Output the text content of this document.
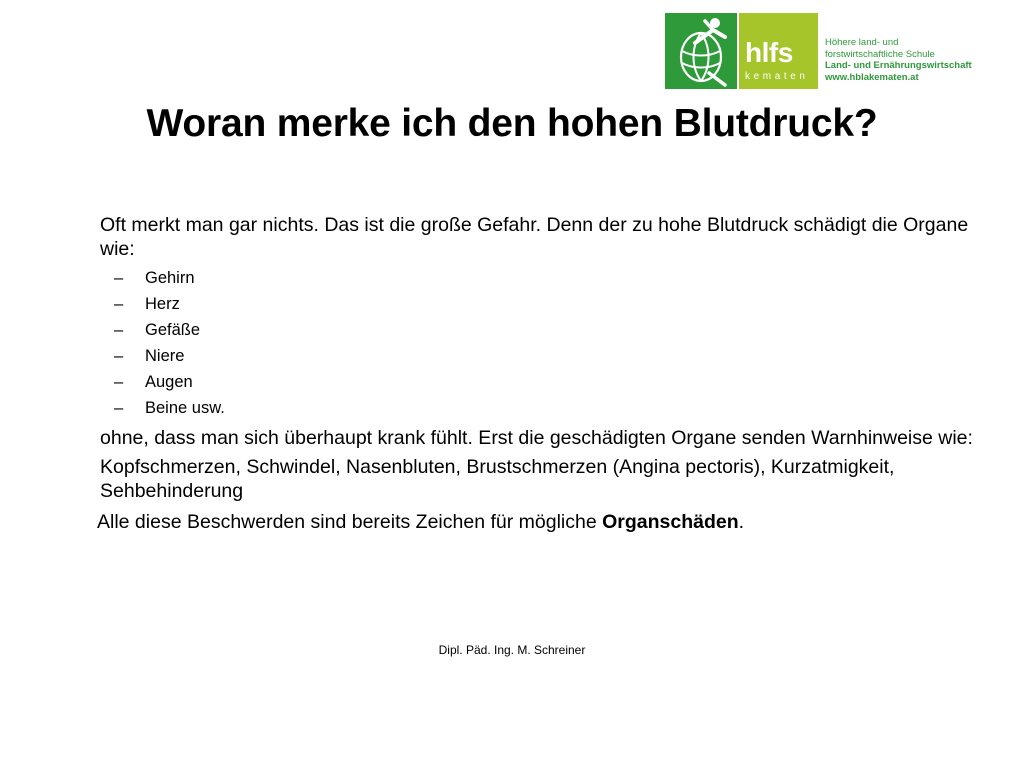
hlfs
kematen
Höhere land- und
forstwirtschaftliche Schule
Land- und Ernährungswirtschaft
www.hblakematen.at
Woran merke ich den hohen Blutdruck?

Oft merkt man gar nichts. Das ist die große Gefahr. Denn der zu hohe Blutdruck schädigt die Organe wie:

– Gehirn
– Herz
– Gefäße
– Niere
– Augen
– Beine usw.

ohne, dass man sich überhaupt krank fühlt. Erst die geschädigten Organe senden Warnhinweise wie:

Kopfschmerzen, Schwindel, Nasenbluten, Brustschmerzen (Angina pectoris), Kurzatmigkeit, Sehbehinderung

Alle diese Beschwerden sind bereits Zeichen für mögliche Organschäden.

Dipl. Päd. Ing. M. Schreiner
